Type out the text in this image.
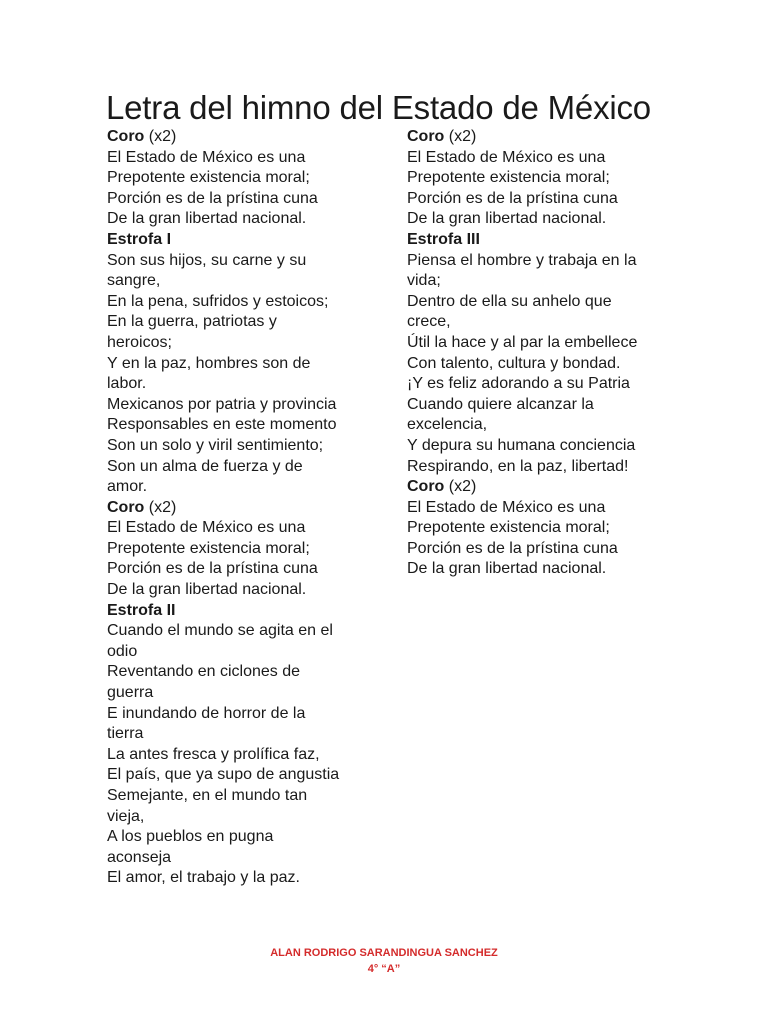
Letra del himno del Estado de México
Coro (x2)
El Estado de México es una
Prepotente existencia moral;
Porción es de la prístina cuna
De la gran libertad nacional.
Estrofa I
Son sus hijos, su carne y su
sangre,
En la pena, sufridos y estoicos;
En la guerra, patriotas y
heroicos;
Y en la paz, hombres son de
labor.
Mexicanos por patria y provincia
Responsables en este momento
Son un solo y viril sentimiento;
Son un alma de fuerza y de
amor.
Coro (x2)
El Estado de México es una
Prepotente existencia moral;
Porción es de la prístina cuna
De la gran libertad nacional.
Estrofa II
Cuando el mundo se agita en el
odio
Reventando en ciclones de
guerra
E inundando de horror de la
tierra
La antes fresca y prolífica faz,
El país, que ya supo de angustia
Semejante, en el mundo tan
vieja,
A los pueblos en pugna
aconseja
El amor, el trabajo y la paz.
Coro (x2)
El Estado de México es una
Prepotente existencia moral;
Porción es de la prístina cuna
De la gran libertad nacional.
Estrofa III
Piensa el hombre y trabaja en la
vida;
Dentro de ella su anhelo que
crece,
Útil la hace y al par la embellece
Con talento, cultura y bondad.
¡Y es feliz adorando a su Patria
Cuando quiere alcanzar la
excelencia,
Y depura su humana conciencia
Respirando, en la paz, libertad!
Coro (x2)
El Estado de México es una
Prepotente existencia moral;
Porción es de la prístina cuna
De la gran libertad nacional.
ALAN RODRIGO SARANDINGUA SANCHEZ
4° “A”
